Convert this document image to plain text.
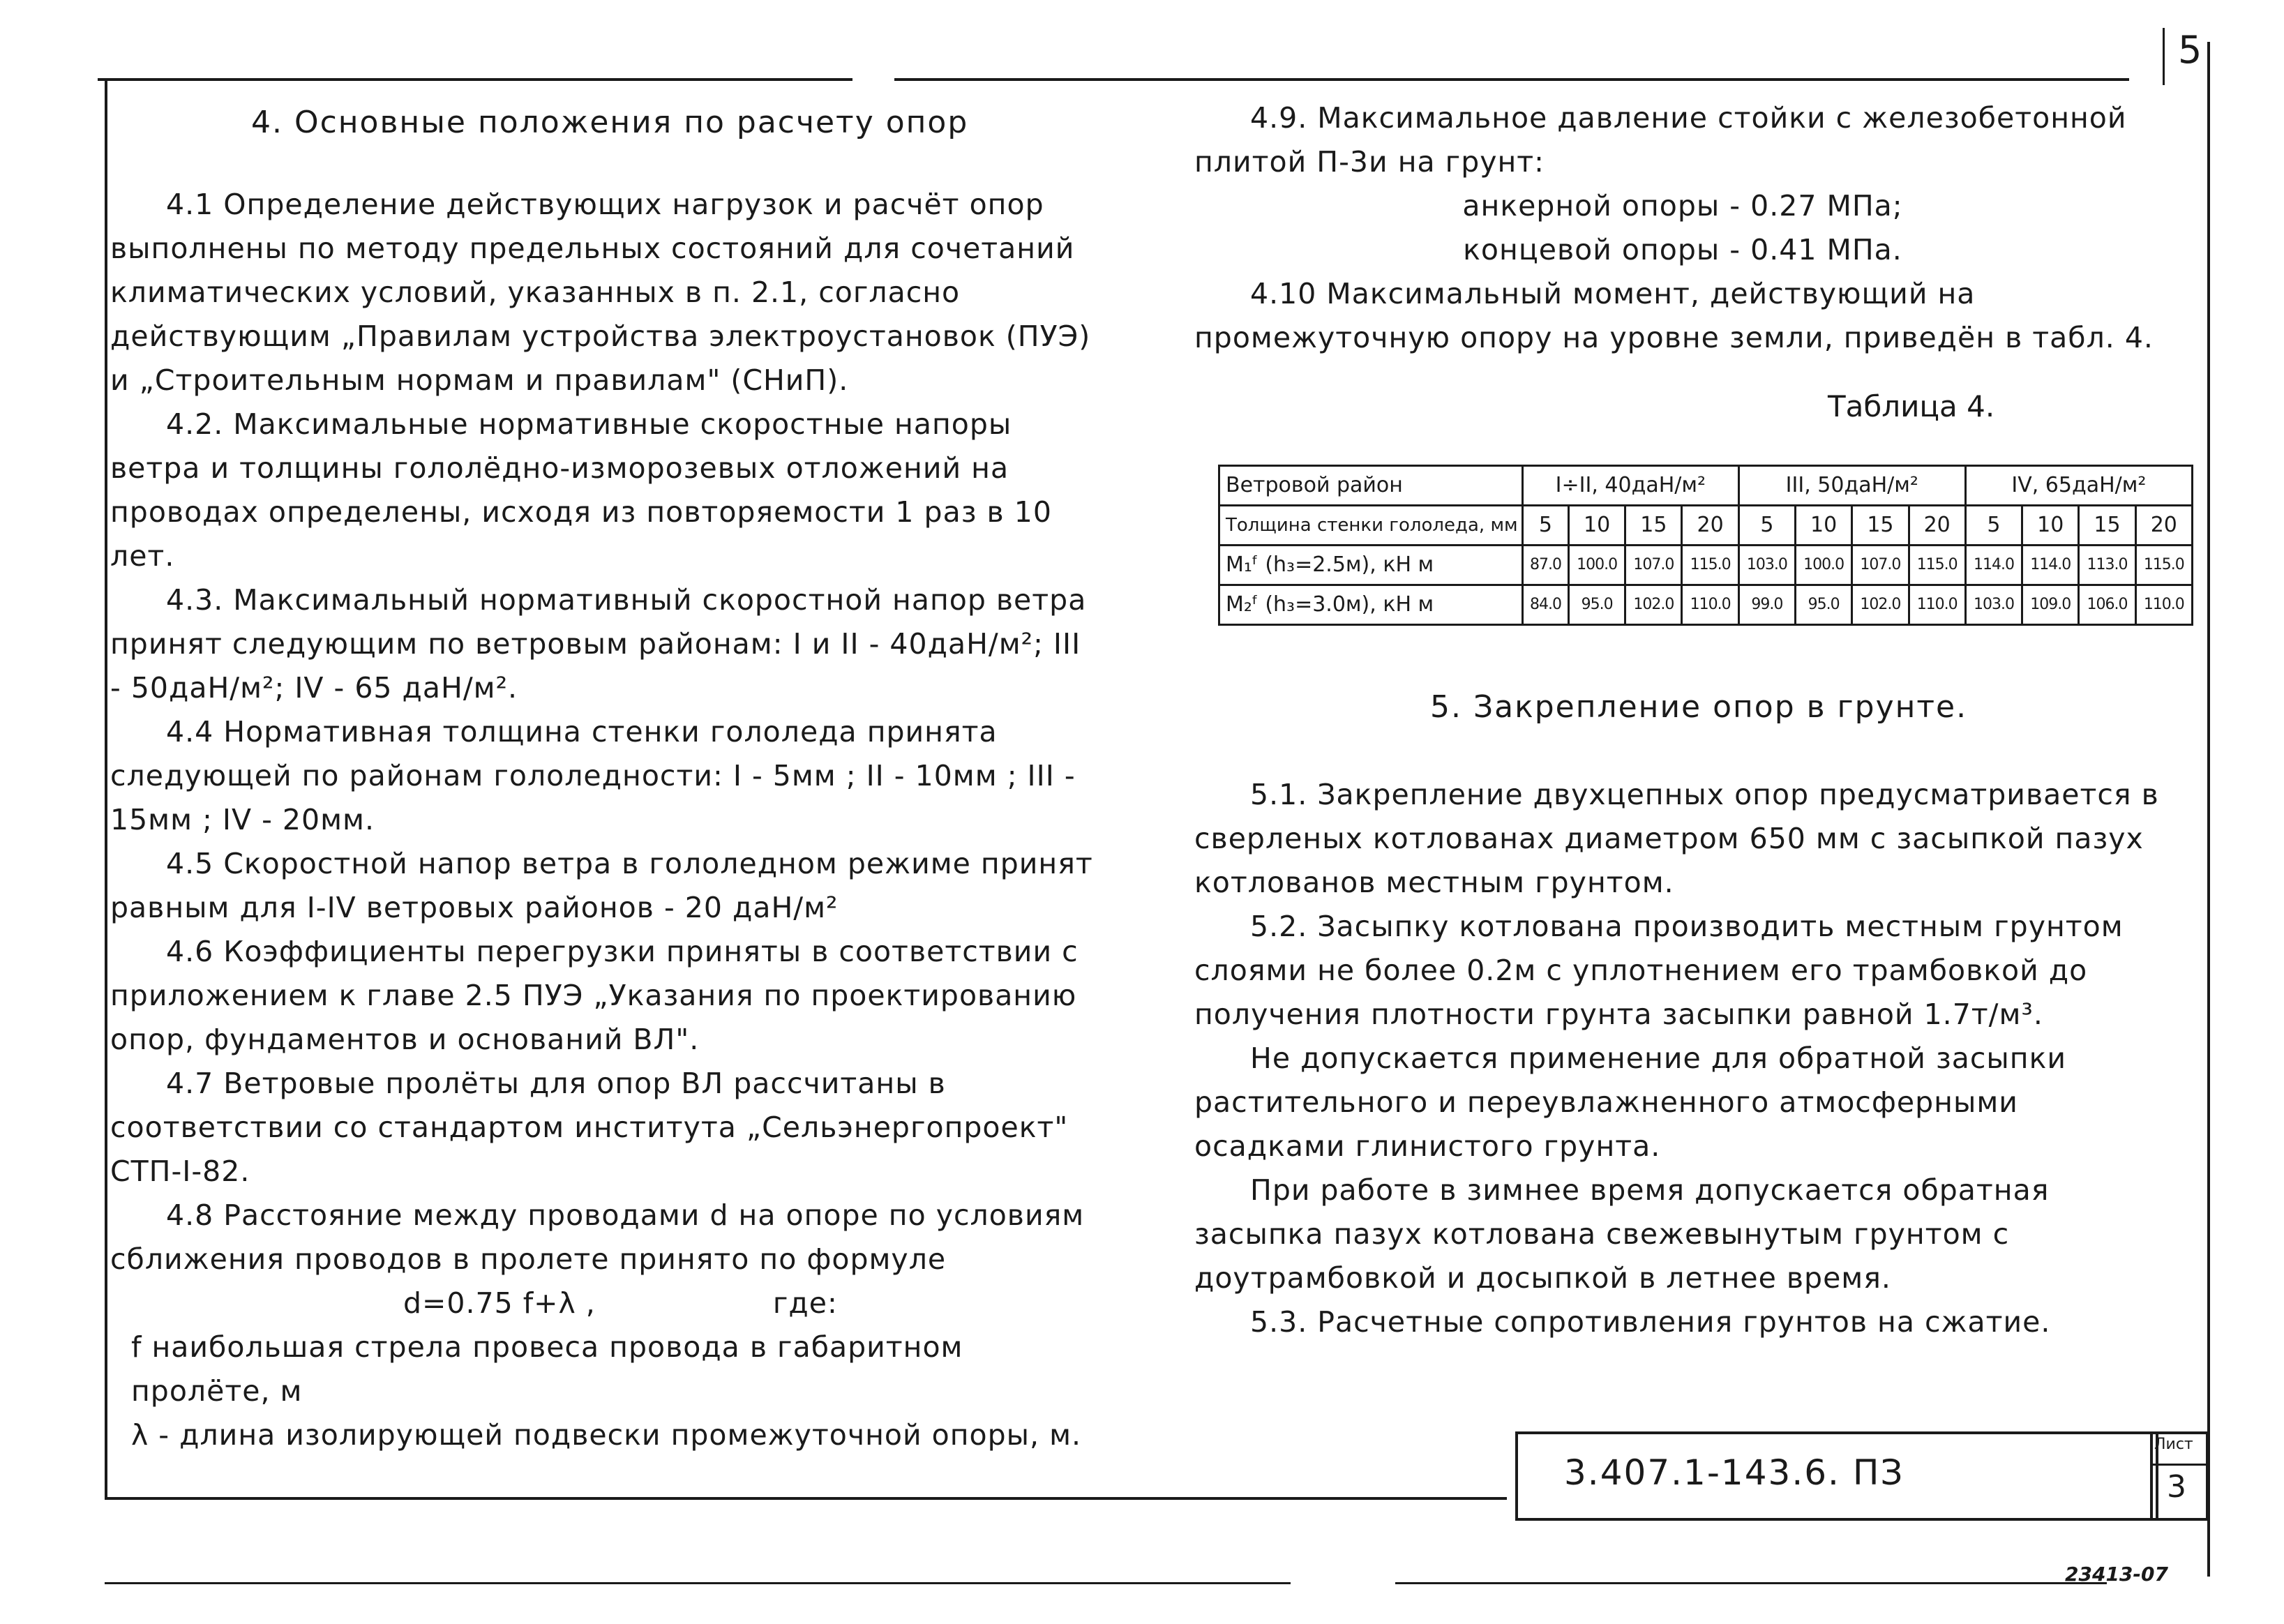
5
4. Основные положения по расчету опор

4.1 Определение действующих нагрузок и расчёт опор выполнены по методу предельных состояний для сочетаний климатических условий, указанных в п. 2.1, согласно действующим „Правилам устройства электроустановок (ПУЭ) и „Строительным нормам и правилам" (СНиП).

4.2. Максимальные нормативные скоростные напоры ветра и толщины гололёдно-изморозевых отложений на проводах определены, исходя из повторяемости 1 раз в 10 лет.

4.3. Максимальный нормативный скоростной напор ветра принят следующим по ветровым районам: I и II - 40даН/м²; III - 50даН/м²; IV - 65 даН/м².

4.4 Нормативная толщина стенки гололеда принята следующей по районам гололедности: I - 5мм ; II - 10мм ; III - 15мм ; IV - 20мм.

4.5 Скоростной напор ветра в гололедном режиме принят равным для I-IV ветровых районов - 20 даН/м²

4.6 Коэффициенты перегрузки приняты в соответствии с приложением к главе 2.5 ПУЭ „Указания по проектированию опор, фундаментов и оснований ВЛ".

4.7 Ветровые пролёты для опор ВЛ рассчитаны в соответствии со стандартом института „Сельэнергопроект" СТП-I-82.

4.8 Расстояние между проводами d на опоре по условиям сближения проводов в пролете принято по формуле

d=0.75 f+λ ,	где:

f наибольшая стрела провеса провода в габаритном пролёте, м

λ - длина изолирующей подвески промежуточной опоры, м.

4.9. Максимальное давление стойки с железобетонной плитой П-3и на грунт:

анкерной опоры - 0.27 МПа;

концевой опоры - 0.41 МПа.

4.10 Максимальный момент, действующий на промежуточную опору на уровне земли, приведён в табл. 4.

Таблица 4.
Ветровой район	I÷II, 40даН/м²				III, 50даН/м²				IV, 65даН/м²			
Толщина стенки гололеда, мм	5	10	15	20	5	10	15	20	5	10	15	20
M₁ᶠ (h₃=2.5м), кН м	87.0	100.0	107.0	115.0	103.0	100.0	107.0	115.0	114.0	114.0	113.0	115.0
M₂ᶠ (h₃=3.0м), кН м	84.0	95.0	102.0	110.0	99.0	95.0	102.0	110.0	103.0	109.0	106.0	110.0
5. Закрепление опор в грунте.

5.1. Закрепление двухцепных опор предусматривается в сверленых котлованах диаметром 650 мм с засыпкой пазух котлованов местным грунтом.

5.2. Засыпку котлована производить местным грунтом слоями не более 0.2м с уплотнением его трамбовкой до получения плотности грунта засыпки равной 1.7т/м³.

Не допускается применение для обратной засыпки растительного и переувлажненного атмосферными осадками глинистого грунта.

При работе в зимнее время допускается обратная засыпка пазух котлована свежевынутым грунтом с доутрамбовкой и досыпкой в летнее время.

5.3. Расчетные сопротивления грунтов на сжатие.

3.407.1-143.6. ПЗ
Лист
3
23413-07
